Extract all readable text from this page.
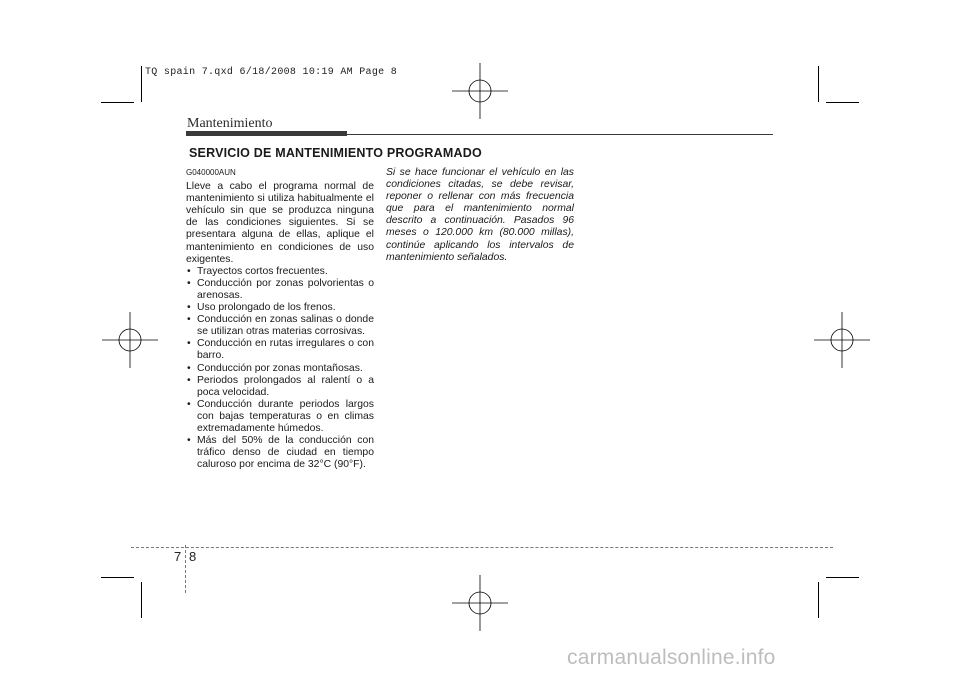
TQ spain 7.qxd 6/18/2008 10:19 AM Page 8
Mantenimiento
SERVICIO DE MANTENIMIENTO PROGRAMADO
G040000AUN
Lleve a cabo el programa normal de mantenimiento si utiliza habitualmente el vehículo sin que se produzca ninguna de las condiciones siguientes. Si se presentara alguna de ellas, aplique el mantenimiento en condiciones de uso exigentes.
• Trayectos cortos frecuentes.
• Conducción por zonas polvorientas o arenosas.
• Uso prolongado de los frenos.
• Conducción en zonas salinas o donde se utilizan otras materias corrosivas.
• Conducción en rutas irregulares o con barro.
• Conducción por zonas montañosas.
• Periodos prolongados al ralentí o a poca velocidad.
• Conducción durante periodos largos con bajas temperaturas o en climas extremadamente húmedos.
• Más del 50% de la conducción con tráfico denso de ciudad en tiempo caluroso por encima de 32°C (90°F).
Si se hace funcionar el vehículo en las condiciones citadas, se debe revisar, reponer o rellenar con más frecuencia que para el mantenimiento normal descrito a continuación. Pasados 96 meses o 120.000 km (80.000 millas), continúe aplicando los intervalos de mantenimiento señalados.
7 8
carmanualsonline.info
